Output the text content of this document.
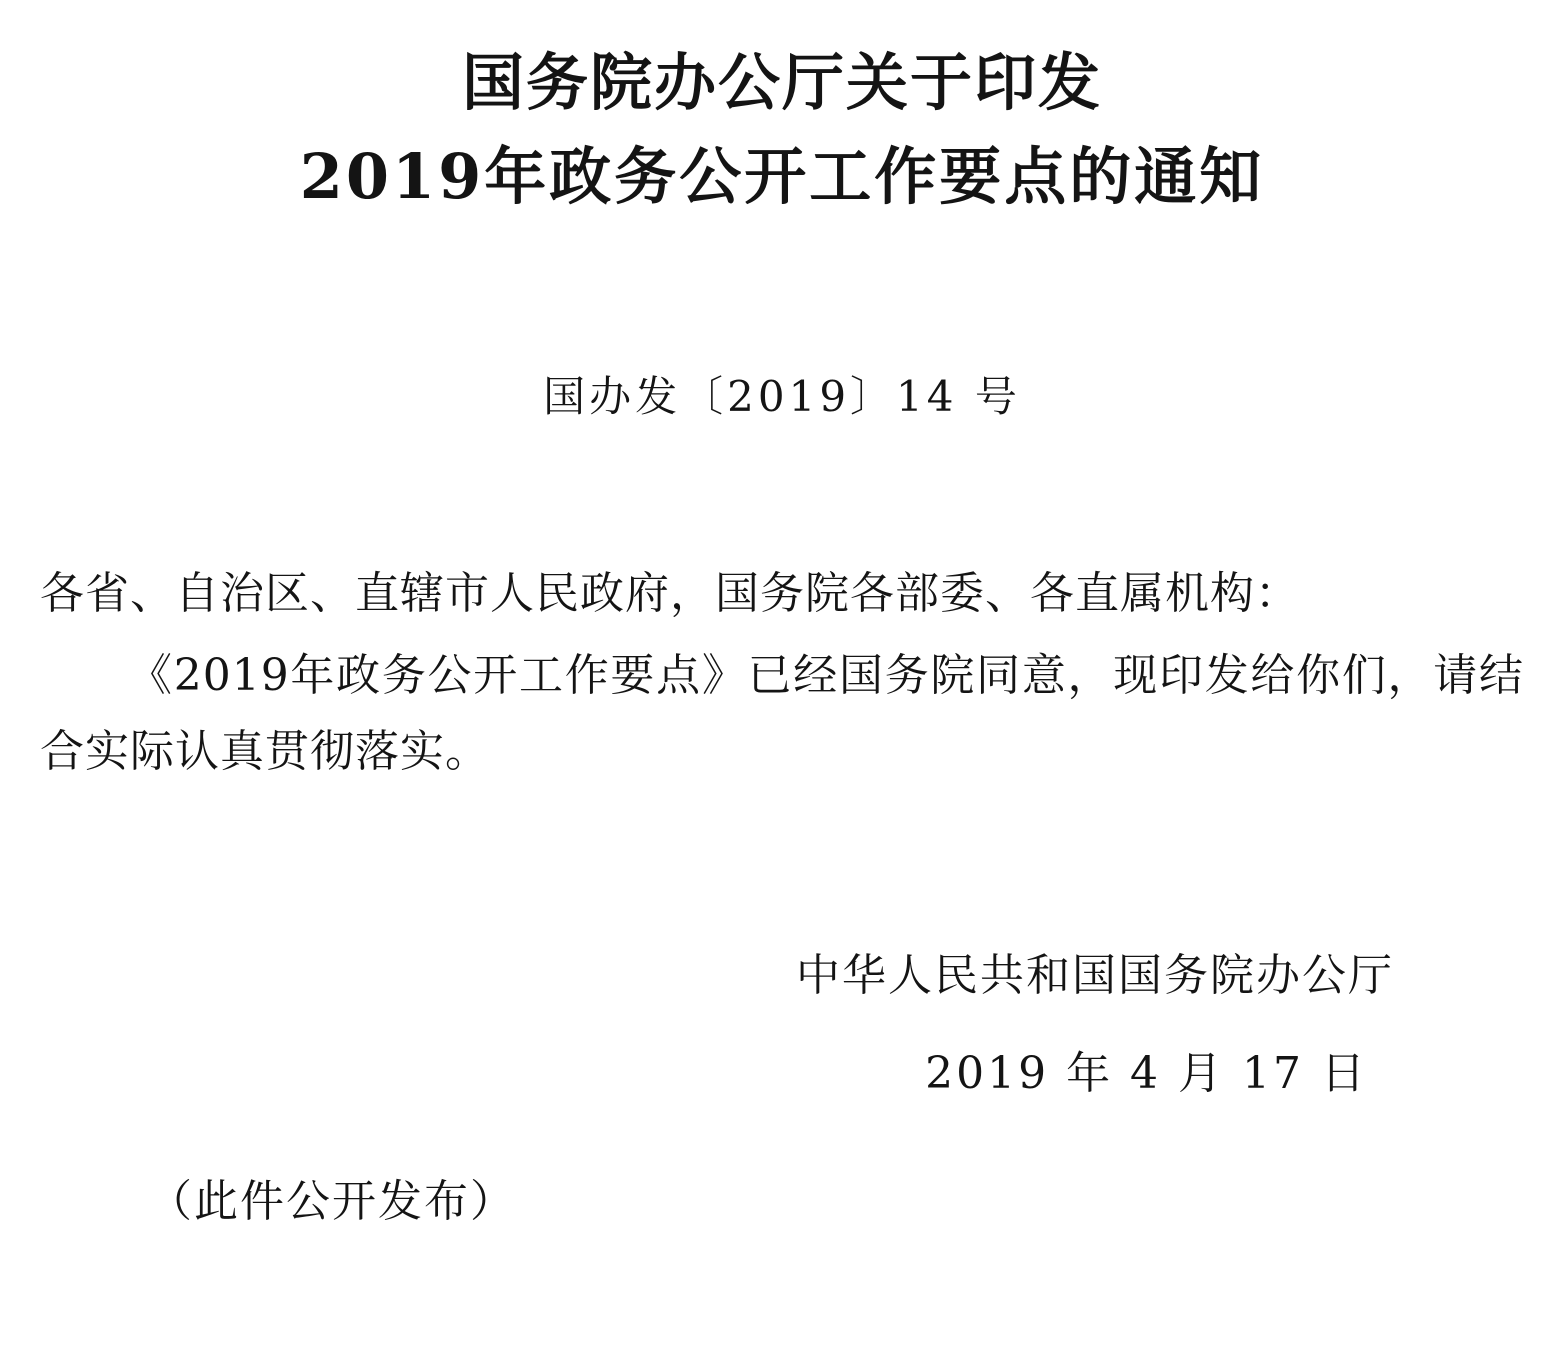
国务院办公厅关于印发
2019年政务公开工作要点的通知
国办发〔2019〕14 号
各省、自治区、直辖市人民政府，国务院各部委、各直属机构：

《2019年政务公开工作要点》已经国务院同意，现印发给你们，请结合实际认真贯彻落实。

中华人民共和国国务院办公厅
2019 年 4 月 17 日
（此件公开发布）
